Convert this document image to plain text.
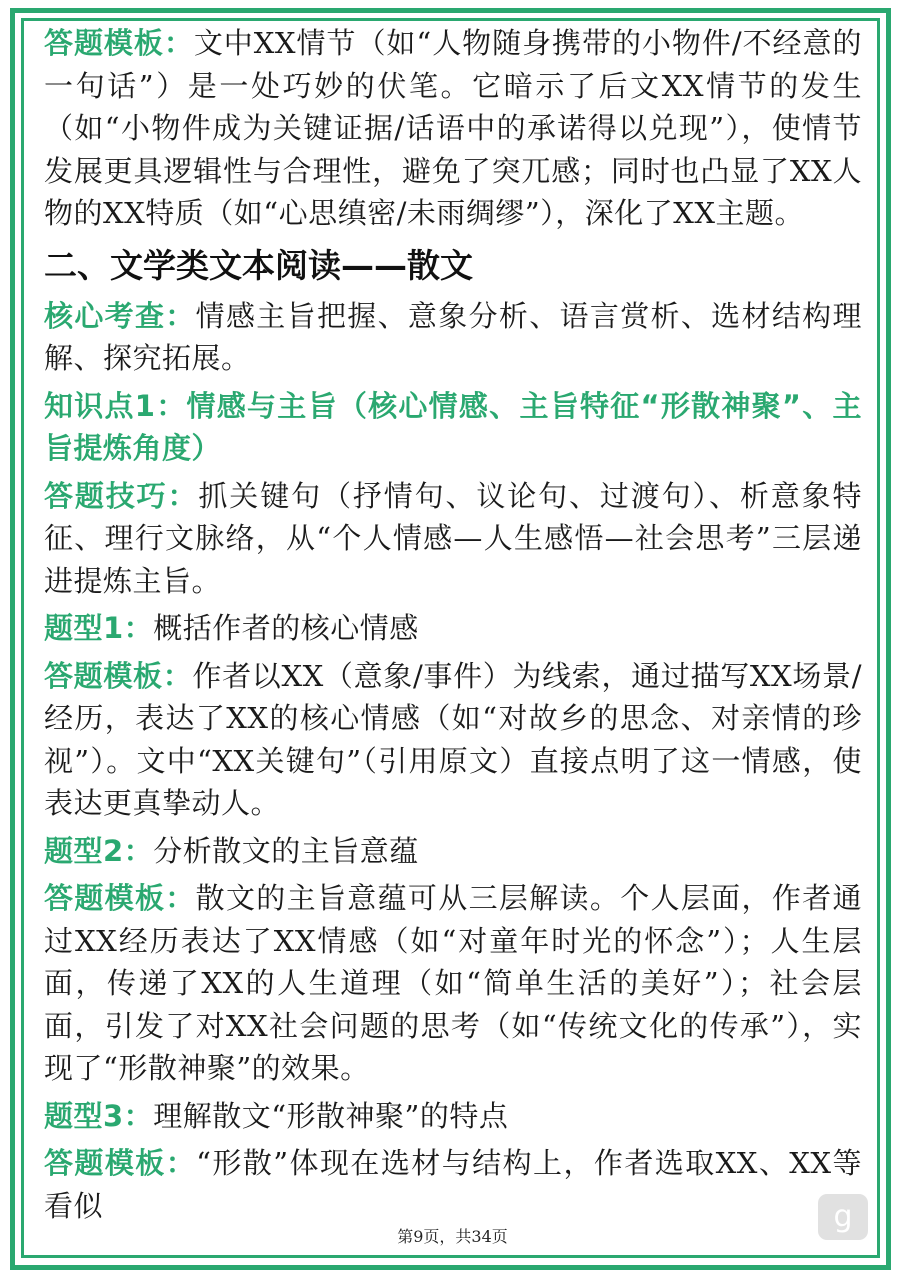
答题模板：文中XX情节（如“人物随身携带的小物件/不经意的一句话”）是一处巧妙的伏笔。它暗示了后文XX情节的发生（如“小物件成为关键证据/话语中的承诺得以兑现”），使情节发展更具逻辑性与合理性，避免了突兀感；同时也凸显了XX人物的XX特质（如“心思缜密/未雨绸缪”），深化了XX主题。

二、文学类文本阅读——散文

核心考查：情感主旨把握、意象分析、语言赏析、选材结构理解、探究拓展。

知识点1：情感与主旨（核心情感、主旨特征“形散神聚”、主旨提炼角度）

答题技巧：抓关键句（抒情句、议论句、过渡句）、析意象特征、理行文脉络，从“个人情感—人生感悟—社会思考”三层递进提炼主旨。

题型1：概括作者的核心情感

答题模板：作者以XX（意象/事件）为线索，通过描写XX场景/经历，表达了XX的核心情感（如“对故乡的思念、对亲情的珍视”）。文中“XX关键句”（引用原文）直接点明了这一情感，使表达更真挚动人。

题型2：分析散文的主旨意蕴

答题模板：散文的主旨意蕴可从三层解读。个人层面，作者通过XX经历表达了XX情感（如“对童年时光的怀念”）；人生层面，传递了XX的人生道理（如“简单生活的美好”）；社会层面，引发了对XX社会问题的思考（如“传统文化的传承”），实现了“形散神聚”的效果。

题型3：理解散文“形散神聚”的特点

答题模板：“形散”体现在选材与结构上，作者选取XX、XX等看似

第9页，共34页
g
